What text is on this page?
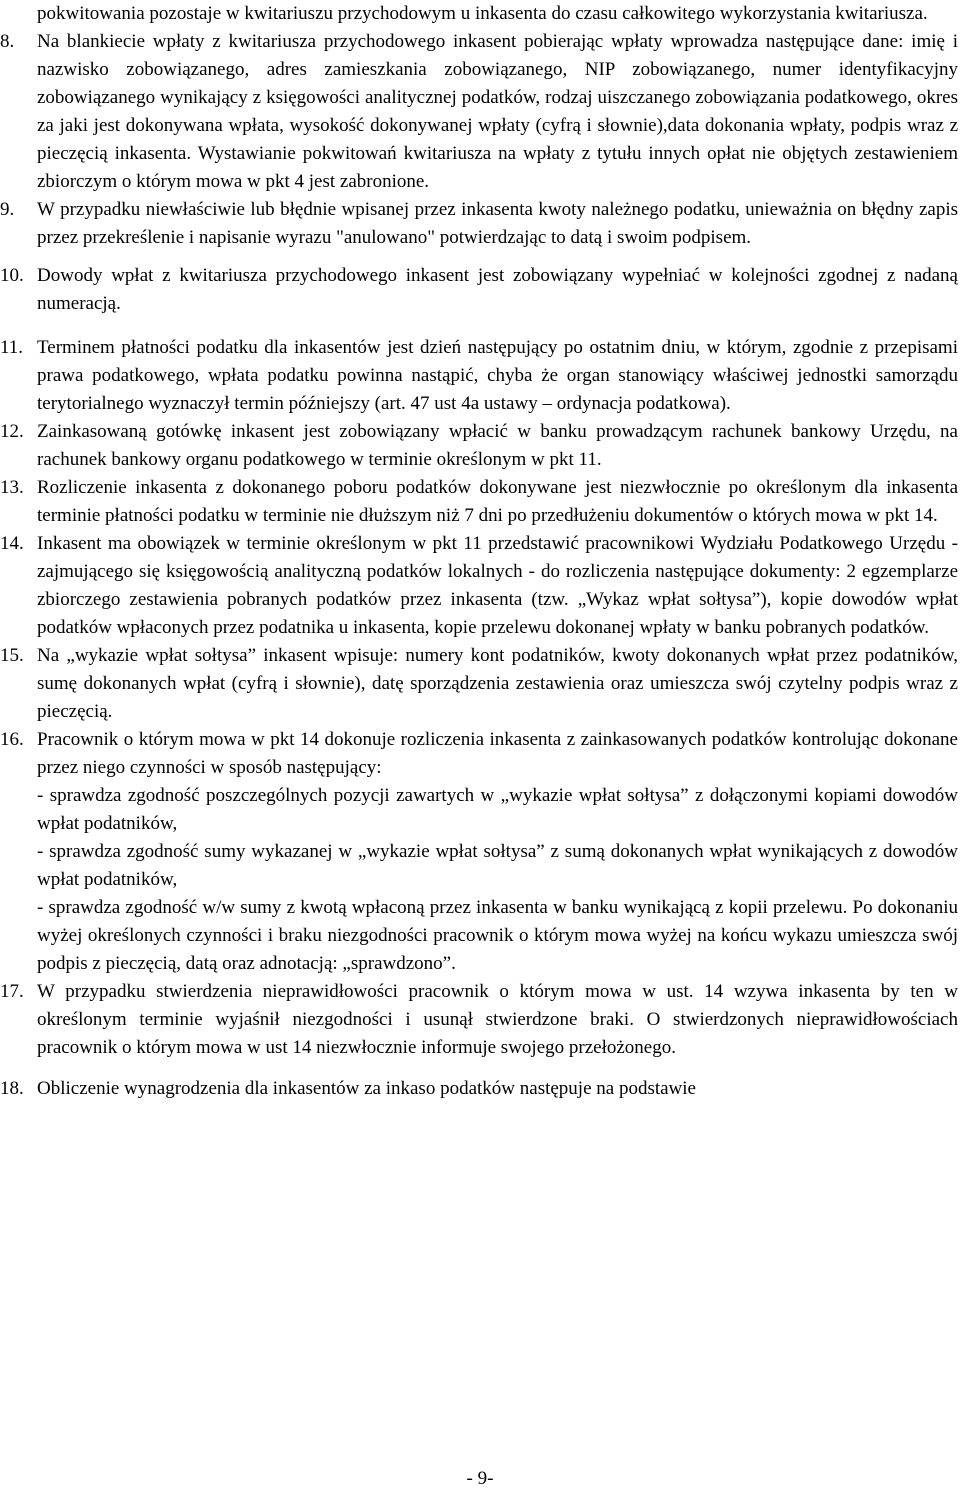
pokwitowania pozostaje w kwitariuszu przychodowym u inkasenta do czasu całkowitego wykorzystania kwitariusza.
8. Na blankiecie wpłaty z kwitariusza przychodowego inkasent pobierając wpłaty wprowadza następujące dane: imię i nazwisko zobowiązanego, adres zamieszkania zobowiązanego, NIP zobowiązanego, numer identyfikacyjny zobowiązanego wynikający z księgowości analitycznej podatków, rodzaj uiszczanego zobowiązania podatkowego, okres za jaki jest dokonywana wpłata, wysokość dokonywanej wpłaty (cyfrą i słownie),data dokonania wpłaty, podpis wraz z pieczęcią inkasenta. Wystawianie pokwitowań kwitariusza na wpłaty z tytułu innych opłat nie objętych zestawieniem zbiorczym o którym mowa w pkt 4 jest zabronione.

9. W przypadku niewłaściwie lub błędnie wpisanej przez inkasenta kwoty należnego podatku, unieważnia on błędny zapis przez przekreślenie i napisanie wyrazu "anulowano" potwierdzając to datą i swoim podpisem.

10. Dowody wpłat z kwitariusza przychodowego inkasent jest zobowiązany wypełniać w kolejności zgodnej z nadaną numeracją.

11. Terminem płatności podatku dla inkasentów jest dzień następujący po ostatnim dniu, w którym, zgodnie z przepisami prawa podatkowego, wpłata podatku powinna nastąpić, chyba że organ stanowiący właściwej jednostki samorządu terytorialnego wyznaczył termin późniejszy (art. 47 ust 4a ustawy – ordynacja podatkowa).

12. Zainkasowaną gotówkę inkasent jest zobowiązany wpłacić w banku prowadzącym rachunek bankowy Urzędu, na rachunek bankowy organu podatkowego w terminie określonym w pkt 11.

13. Rozliczenie inkasenta z dokonanego poboru podatków dokonywane jest niezwłocznie po określonym dla inkasenta terminie płatności podatku w terminie nie dłuższym niż 7 dni po przedłużeniu dokumentów o których mowa w pkt 14.

14. Inkasent ma obowiązek w terminie określonym w pkt 11 przedstawić pracownikowi Wydziału Podatkowego Urzędu - zajmującego się księgowością analityczną podatków lokalnych - do rozliczenia następujące dokumenty: 2 egzemplarze zbiorczego zestawienia pobranych podatków przez inkasenta (tzw. „Wykaz wpłat sołtysa”), kopie dowodów wpłat podatków wpłaconych przez podatnika u inkasenta, kopie przelewu dokonanej wpłaty w banku pobranych podatków.

15. Na „wykazie wpłat sołtysa” inkasent wpisuje: numery kont podatników, kwoty dokonanych wpłat przez podatników, sumę dokonanych wpłat (cyfrą i słownie), datę sporządzenia zestawienia oraz umieszcza swój czytelny podpis wraz z pieczęcią.

16. Pracownik o którym mowa w pkt 14 dokonuje rozliczenia inkasenta z zainkasowanych podatków kontrolując dokonane przez niego czynności w sposób następujący:

- sprawdza zgodność poszczególnych pozycji zawartych w „wykazie wpłat sołtysa” z dołączonymi kopiami dowodów wpłat podatników,

- sprawdza zgodność sumy wykazanej w „wykazie wpłat sołtysa” z sumą dokonanych wpłat wynikających z dowodów wpłat podatników,

- sprawdza zgodność w/w sumy z kwotą wpłaconą przez inkasenta w banku wynikającą z kopii przelewu. Po dokonaniu wyżej określonych czynności i braku niezgodności pracownik o którym mowa wyżej na końcu wykazu umieszcza swój podpis z pieczęcią, datą oraz adnotacją: „sprawdzono”.

17. W przypadku stwierdzenia nieprawidłowości pracownik o którym mowa w ust. 14 wzywa inkasenta by ten w określonym terminie wyjaśnił niezgodności i usunął stwierdzone braki. O stwierdzonych nieprawidłowościach pracownik o którym mowa w ust 14 niezwłocznie informuje swojego przełożonego.

18. Obliczenie wynagrodzenia dla inkasentów za inkaso podatków następuje na podstawie

- 9-
